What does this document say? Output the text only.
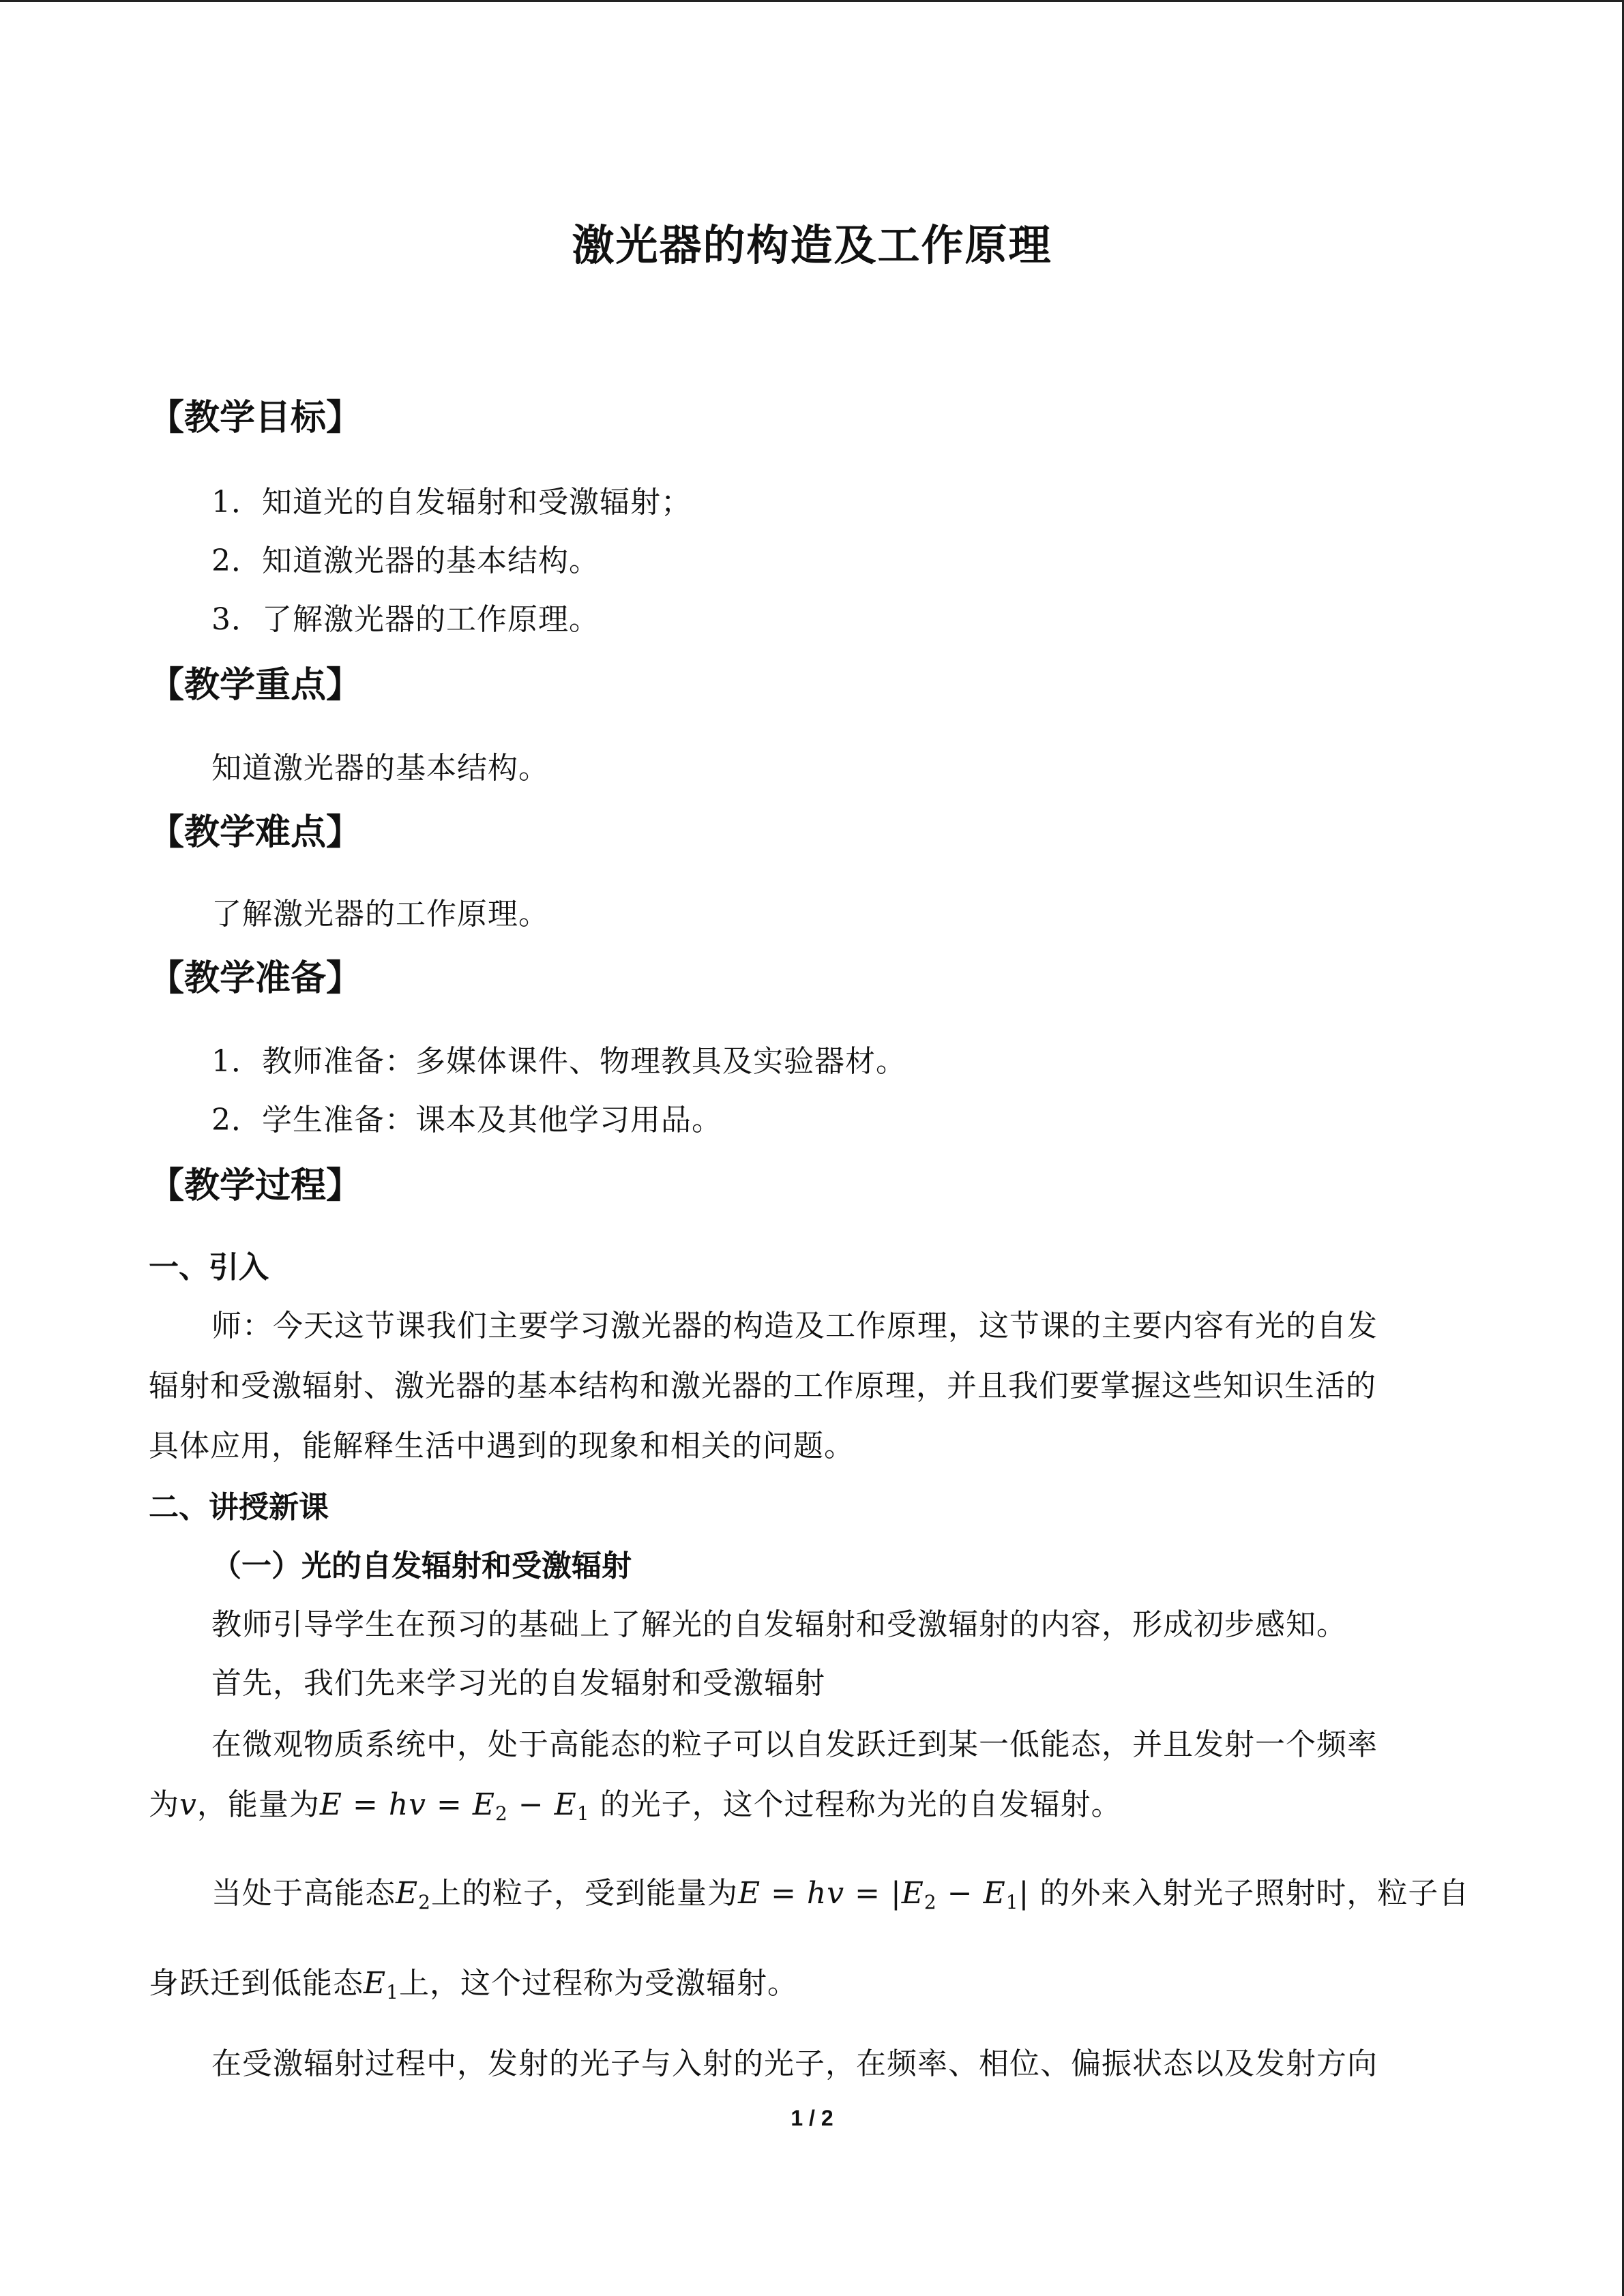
激光器的构造及工作原理
【教学目标】
1．知道光的自发辐射和受激辐射；
2．知道激光器的基本结构。
3．了解激光器的工作原理。
【教学重点】
知道激光器的基本结构。
【教学难点】
了解激光器的工作原理。
【教学准备】
1．教师准备：多媒体课件、物理教具及实验器材。
2．学生准备：课本及其他学习用品。
【教学过程】
一、引入
师：今天这节课我们主要学习激光器的构造及工作原理，这节课的主要内容有光的自发
辐射和受激辐射、激光器的基本结构和激光器的工作原理，并且我们要掌握这些知识生活的
具体应用，能解释生活中遇到的现象和相关的问题。
二、讲授新课
（一）光的自发辐射和受激辐射
教师引导学生在预习的基础上了解光的自发辐射和受激辐射的内容，形成初步感知。
首先，我们先来学习光的自发辐射和受激辐射
在微观物质系统中，处于高能态的粒子可以自发跃迁到某一低能态，并且发射一个频率
为v，能量为E = hv = $E_2 - E_1$ 的光子，这个过程称为光的自发辐射。
当处于高能态$E_2$上的粒子，受到能量为E = hv = $|E_2 - E_1|$ 的外来入射光子照射时，粒子自
身跃迁到低能态$E_1$上，这个过程称为受激辐射。
在受激辐射过程中，发射的光子与入射的光子，在频率、相位、偏振状态以及发射方向
1 / 2
